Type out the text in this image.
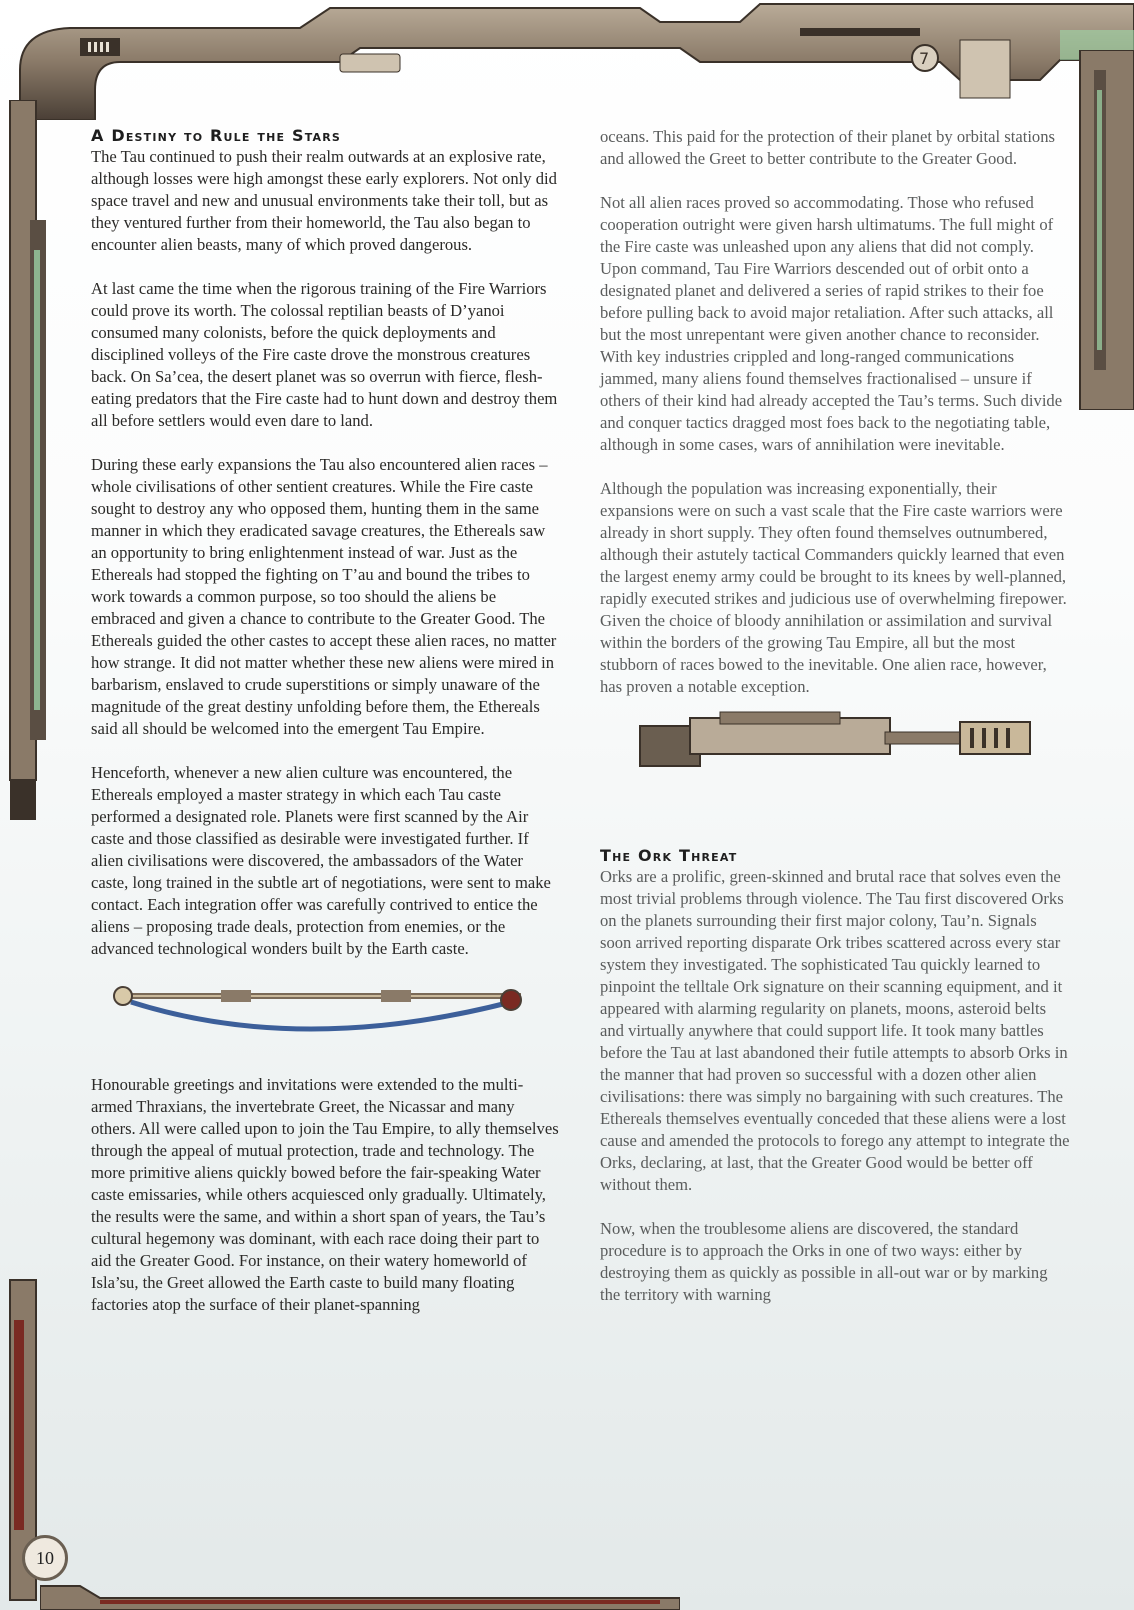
7
10
A Destiny to Rule the Stars

The Tau continued to push their realm outwards at an explosive rate, although losses were high amongst these early explorers. Not only did space travel and new and unusual environments take their toll, but as they ventured further from their homeworld, the Tau also began to encounter alien beasts, many of which proved dangerous.

At last came the time when the rigorous training of the Fire Warriors could prove its worth. The colossal reptilian beasts of D’yanoi consumed many colonists, before the quick deployments and disciplined volleys of the Fire caste drove the monstrous creatures back. On Sa’cea, the desert planet was so overrun with fierce, flesh-eating predators that the Fire caste had to hunt down and destroy them all before settlers would even dare to land.

During these early expansions the Tau also encountered alien races – whole civilisations of other sentient creatures. While the Fire caste sought to destroy any who opposed them, hunting them in the same manner in which they eradicated savage creatures, the Ethereals saw an opportunity to bring enlightenment instead of war. Just as the Ethereals had stopped the fighting on T’au and bound the tribes to work towards a common purpose, so too should the aliens be embraced and given a chance to contribute to the Greater Good. The Ethereals guided the other castes to accept these alien races, no matter how strange. It did not matter whether these new aliens were mired in barbarism, enslaved to crude superstitions or simply unaware of the magnitude of the great destiny unfolding before them, the Ethereals said all should be welcomed into the emergent Tau Empire.

Henceforth, whenever a new alien culture was encountered, the Ethereals employed a master strategy in which each Tau caste performed a designated role. Planets were first scanned by the Air caste and those classified as desirable were investigated further. If alien civilisations were discovered, the ambassadors of the Water caste, long trained in the subtle art of negotiations, were sent to make contact. Each integration offer was carefully contrived to entice the aliens – proposing trade deals, protection from enemies, or the advanced technological wonders built by the Earth caste.

Honourable greetings and invitations were extended to the multi-armed Thraxians, the invertebrate Greet, the Nicassar and many others. All were called upon to join the Tau Empire, to ally themselves through the appeal of mutual protection, trade and technology. The more primitive aliens quickly bowed before the fair-speaking Water caste emissaries, while others acquiesced only gradually. Ultimately, the results were the same, and within a short span of years, the Tau’s cultural hegemony was dominant, with each race doing their part to aid the Greater Good. For instance, on their watery homeworld of Isla’su, the Greet allowed the Earth caste to build many floating factories atop the surface of their planet-spanning

oceans. This paid for the protection of their planet by orbital stations and allowed the Greet to better contribute to the Greater Good.

Not all alien races proved so accommodating. Those who refused cooperation outright were given harsh ultimatums. The full might of the Fire caste was unleashed upon any aliens that did not comply. Upon command, Tau Fire Warriors descended out of orbit onto a designated planet and delivered a series of rapid strikes to their foe before pulling back to avoid major retaliation. After such attacks, all but the most unrepentant were given another chance to reconsider. With key industries crippled and long-ranged communications jammed, many aliens found themselves fractionalised – unsure if others of their kind had already accepted the Tau’s terms. Such divide and conquer tactics dragged most foes back to the negotiating table, although in some cases, wars of annihilation were inevitable.

Although the population was increasing exponentially, their expansions were on such a vast scale that the Fire caste warriors were already in short supply. They often found themselves outnumbered, although their astutely tactical Commanders quickly learned that even the largest enemy army could be brought to its knees by well-planned, rapidly executed strikes and judicious use of overwhelming firepower. Given the choice of bloody annihilation or assimilation and survival within the borders of the growing Tau Empire, all but the most stubborn of races bowed to the inevitable. One alien race, however, has proven a notable exception.

The Ork Threat

Orks are a prolific, green-skinned and brutal race that solves even the most trivial problems through violence. The Tau first discovered Orks on the planets surrounding their first major colony, Tau’n. Signals soon arrived reporting disparate Ork tribes scattered across every star system they investigated. The sophisticated Tau quickly learned to pinpoint the telltale Ork signature on their scanning equipment, and it appeared with alarming regularity on planets, moons, asteroid belts and virtually anywhere that could support life. It took many battles before the Tau at last abandoned their futile attempts to absorb Orks in the manner that had proven so successful with a dozen other alien civilisations: there was simply no bargaining with such creatures. The Ethereals themselves eventually conceded that these aliens were a lost cause and amended the protocols to forego any attempt to integrate the Orks, declaring, at last, that the Greater Good would be better off without them.

Now, when the troublesome aliens are discovered, the standard procedure is to approach the Orks in one of two ways: either by destroying them as quickly as possible in all-out war or by marking the territory with warning
